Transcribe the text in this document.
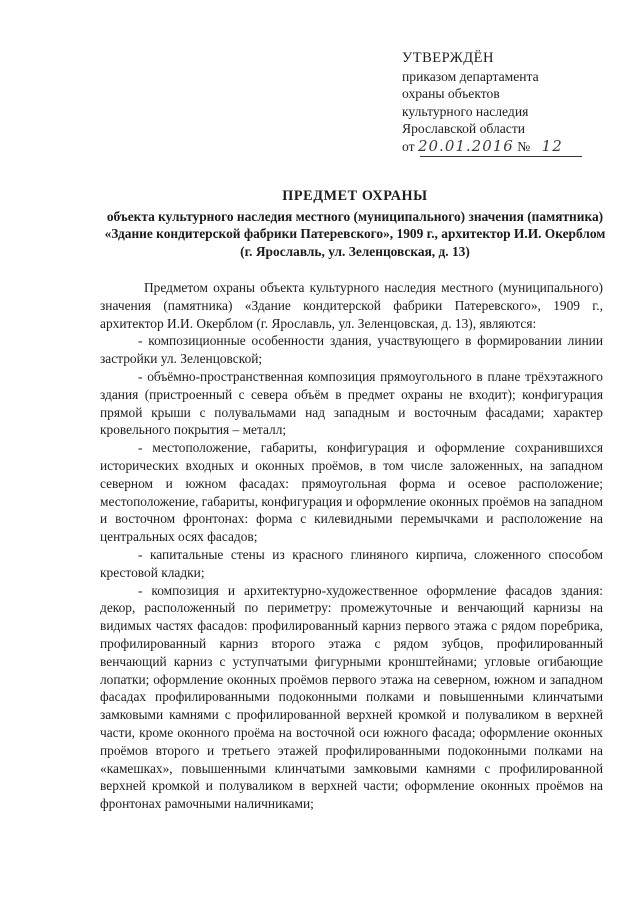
УТВЕРЖДЁН
приказом департамента
охраны объектов
культурного наследия
Ярославской области
от 20.01.2016 № 12
ПРЕДМЕТ ОХРАНЫ
объекта культурного наследия местного (муниципального) значения (памятника) «Здание кондитерской фабрики Патеревского», 1909 г., архитектор И.И. Окерблом (г. Ярославль, ул. Зеленцовская, д. 13)

Предметом охраны объекта культурного наследия местного (муниципального) значения (памятника) «Здание кондитерской фабрики Патеревского», 1909 г., архитектор И.И. Окерблом (г. Ярославль, ул. Зеленцовская, д. 13), являются:

- композиционные особенности здания, участвующего в формировании линии застройки ул. Зеленцовской;

- объёмно-пространственная композиция прямоугольного в плане трёхэтажного здания (пристроенный с севера объём в предмет охраны не входит); конфигурация прямой крыши с полувальмами над западным и восточным фасадами; характер кровельного покрытия – металл;

- местоположение, габариты, конфигурация и оформление сохранившихся исторических входных и оконных проёмов, в том числе заложенных, на западном северном и южном фасадах: прямоугольная форма и осевое расположение; местоположение, габариты, конфигурация и оформление оконных проёмов на западном и восточном фронтонах: форма с килевидными перемычками и расположение на центральных осях фасадов;

- капитальные стены из красного глиняного кирпича, сложенного способом крестовой кладки;

- композиция и архитектурно-художественное оформление фасадов здания: декор, расположенный по периметру: промежуточные и венчающий карнизы на видимых частях фасадов: профилированный карниз первого этажа с рядом поребрика, профилированный карниз второго этажа с рядом зубцов, профилированный венчающий карниз с уступчатыми фигурными кронштейнами; угловые огибающие лопатки; оформление оконных проёмов первого этажа на северном, южном и западном фасадах профилированными подоконными полками и повышенными клинчатыми замковыми камнями с профилированной верхней кромкой и полуваликом в верхней части, кроме оконного проёма на восточной оси южного фасада; оформление оконных проёмов второго и третьего этажей профилированными подоконными полками на «камешках», повышенными клинчатыми замковыми камнями с профилированной верхней кромкой и полуваликом в верхней части; оформление оконных проёмов на фронтонах рамочными наличниками;
